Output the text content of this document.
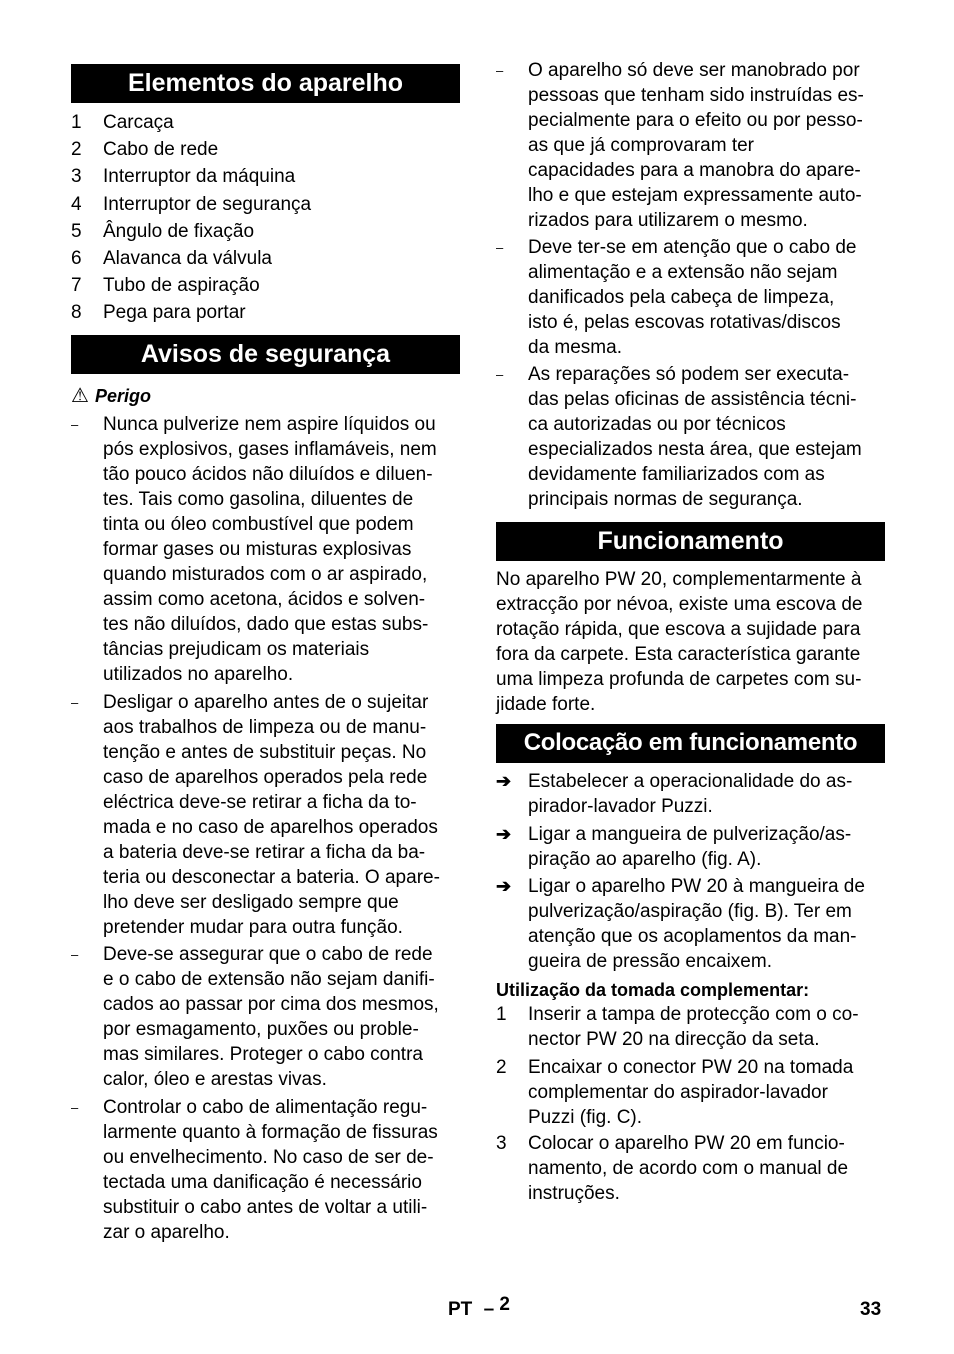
Elementos do aparelho
1 Carcaça
2 Cabo de rede
3 Interruptor da máquina
4 Interruptor de segurança
5 Ângulo de fixação
6 Alavanca da válvula
7 Tubo de aspiração
8 Pega para portar
Avisos de segurança
⚠ Perigo
– Nunca pulverize nem aspire líquidos ou
pós explosivos, gases inflamáveis, nem
tão pouco ácidos não diluídos e diluen-
tes. Tais como gasolina, diluentes de
tinta ou óleo combustível que podem
formar gases ou misturas explosivas
quando misturados com o ar aspirado,
assim como acetona, ácidos e solven-
tes não diluídos, dado que estas subs-
tâncias prejudicam os materiais
utilizados no aparelho.
– Desligar o aparelho antes de o sujeitar
aos trabalhos de limpeza ou de manu-
tenção e antes de substituir peças. No
caso de aparelhos operados pela rede
eléctrica deve-se retirar a ficha da to-
mada e no caso de aparelhos operados
a bateria deve-se retirar a ficha da ba-
teria ou desconectar a bateria. O apare-
lho deve ser desligado sempre que
pretender mudar para outra função.
– Deve-se assegurar que o cabo de rede
e o cabo de extensão não sejam danifi-
cados ao passar por cima dos mesmos,
por esmagamento, puxões ou proble-
mas similares. Proteger o cabo contra
calor, óleo e arestas vivas.
– Controlar o cabo de alimentação regu-
larmente quanto à formação de fissuras
ou envelhecimento. No caso de ser de-
tectada uma danificação é necessário
substituir o cabo antes de voltar a utili-
zar o aparelho.
– O aparelho só deve ser manobrado por
pessoas que tenham sido instruídas es-
pecialmente para o efeito ou por pesso-
as que já comprovaram ter
capacidades para a manobra do apare-
lho e que estejam expressamente auto-
rizados para utilizarem o mesmo.
– Deve ter-se em atenção que o cabo de
alimentação e a extensão não sejam
danificados pela cabeça de limpeza,
isto é, pelas escovas rotativas/discos
da mesma.
– As reparações só podem ser executa-
das pelas oficinas de assistência técni-
ca autorizadas ou por técnicos
especializados nesta área, que estejam
devidamente familiarizados com as
principais normas de segurança.
Funcionamento
No aparelho PW 20, complementarmente à
extracção por névoa, existe uma escova de
rotação rápida, que escova a sujidade para
fora da carpete. Esta característica garante
uma limpeza profunda de carpetes com su-
jidade forte.
Colocação em funcionamento
➔ Estabelecer a operacionalidade do as-
pirador-lavador Puzzi.
➔ Ligar a mangueira de pulverização/as-
piração ao aparelho (fig. A).
➔ Ligar o aparelho PW 20 à mangueira de
pulverização/aspiração (fig. B). Ter em
atenção que os acoplamentos da man-
gueira de pressão encaixem.
Utilização da tomada complementar:
1 Inserir a tampa de protecção com o co-
nector PW 20 na direcção da seta.
2 Encaixar o conector PW 20 na tomada
complementar do aspirador-lavador
Puzzi (fig. C).
3 Colocar o aparelho PW 20 em funcio-
namento, de acordo com o manual de
instruções.
PT – 2	33
